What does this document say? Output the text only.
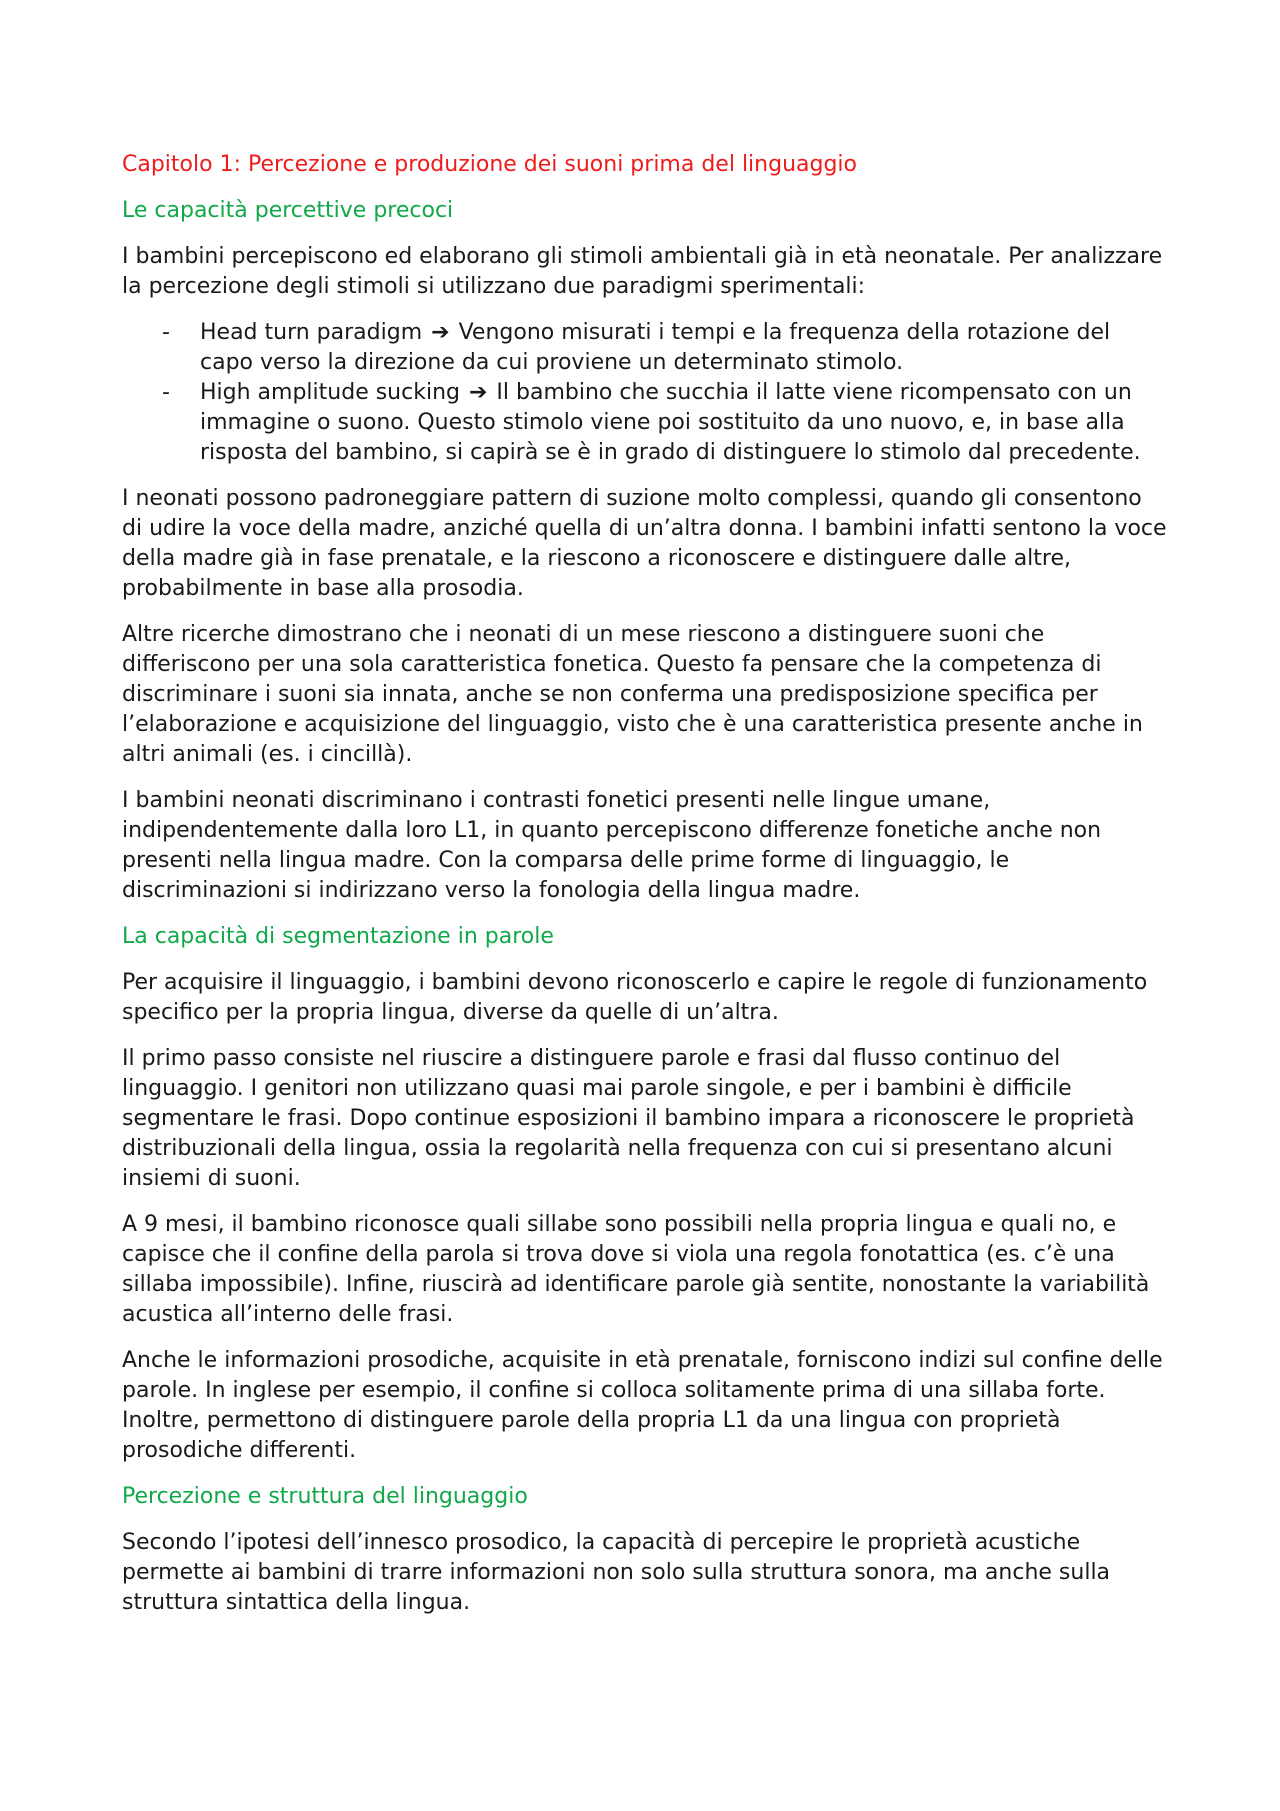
Capitolo 1: Percezione e produzione dei suoni prima del linguaggio
Le capacità percettive precoci

I bambini percepiscono ed elaborano gli stimoli ambientali già in età neonatale. Per analizzare la percezione degli stimoli si utilizzano due paradigmi sperimentali:

- Head turn paradigm ➔ Vengono misurati i tempi e la frequenza della rotazione del capo verso la direzione da cui proviene un determinato stimolo.
- High amplitude sucking ➔ Il bambino che succhia il latte viene ricompensato con un immagine o suono. Questo stimolo viene poi sostituito da uno nuovo, e, in base alla risposta del bambino, si capirà se è in grado di distinguere lo stimolo dal precedente.

I neonati possono padroneggiare pattern di suzione molto complessi, quando gli consentono di udire la voce della madre, anziché quella di un’altra donna. I bambini infatti sentono la voce della madre già in fase prenatale, e la riescono a riconoscere e distinguere dalle altre, probabilmente in base alla prosodia.

Altre ricerche dimostrano che i neonati di un mese riescono a distinguere suoni che differiscono per una sola caratteristica fonetica. Questo fa pensare che la competenza di discriminare i suoni sia innata, anche se non conferma una predisposizione specifica per l’elaborazione e acquisizione del linguaggio, visto che è una caratteristica presente anche in altri animali (es. i cincillà).

I bambini neonati discriminano i contrasti fonetici presenti nelle lingue umane, indipendentemente dalla loro L1, in quanto percepiscono differenze fonetiche anche non presenti nella lingua madre. Con la comparsa delle prime forme di linguaggio, le discriminazioni si indirizzano verso la fonologia della lingua madre.

La capacità di segmentazione in parole

Per acquisire il linguaggio, i bambini devono riconoscerlo e capire le regole di funzionamento specifico per la propria lingua, diverse da quelle di un’altra.

Il primo passo consiste nel riuscire a distinguere parole e frasi dal flusso continuo del linguaggio. I genitori non utilizzano quasi mai parole singole, e per i bambini è difficile segmentare le frasi. Dopo continue esposizioni il bambino impara a riconoscere le proprietà distribuzionali della lingua, ossia la regolarità nella frequenza con cui si presentano alcuni insiemi di suoni.

A 9 mesi, il bambino riconosce quali sillabe sono possibili nella propria lingua e quali no, e capisce che il confine della parola si trova dove si viola una regola fonotattica (es. c’è una sillaba impossibile). Infine, riuscirà ad identificare parole già sentite, nonostante la variabilità acustica all’interno delle frasi.

Anche le informazioni prosodiche, acquisite in età prenatale, forniscono indizi sul confine delle parole. In inglese per esempio, il confine si colloca solitamente prima di una sillaba forte. Inoltre, permettono di distinguere parole della propria L1 da una lingua con proprietà prosodiche differenti.

Percezione e struttura del linguaggio

Secondo l’ipotesi dell’innesco prosodico, la capacità di percepire le proprietà acustiche permette ai bambini di trarre informazioni non solo sulla struttura sonora, ma anche sulla struttura sintattica della lingua.
